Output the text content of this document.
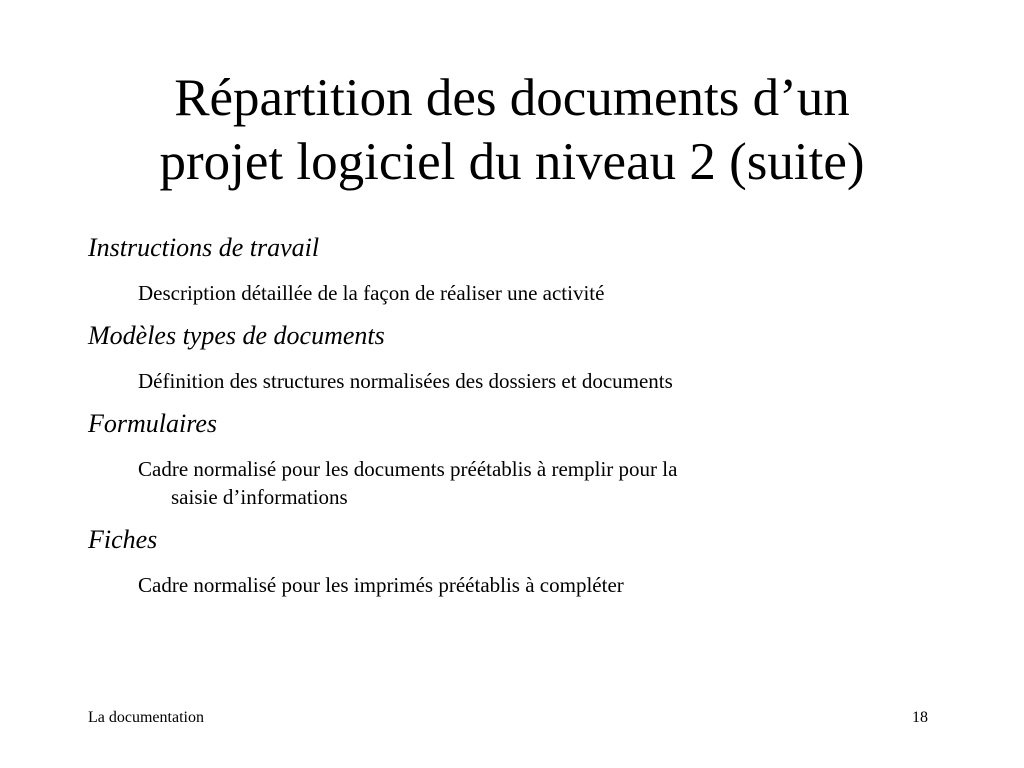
Répartition des documents d’un
projet logiciel du niveau 2 (suite)

Instructions de travail

Description détaillée de la façon de réaliser une activité

Modèles types de documents

Définition des structures normalisées des dossiers et documents

Formulaires

Cadre normalisé pour les documents préétablis à remplir pour la
saisie d’informations

Fiches

Cadre normalisé pour les imprimés préétablis à compléter

La documentation	18
